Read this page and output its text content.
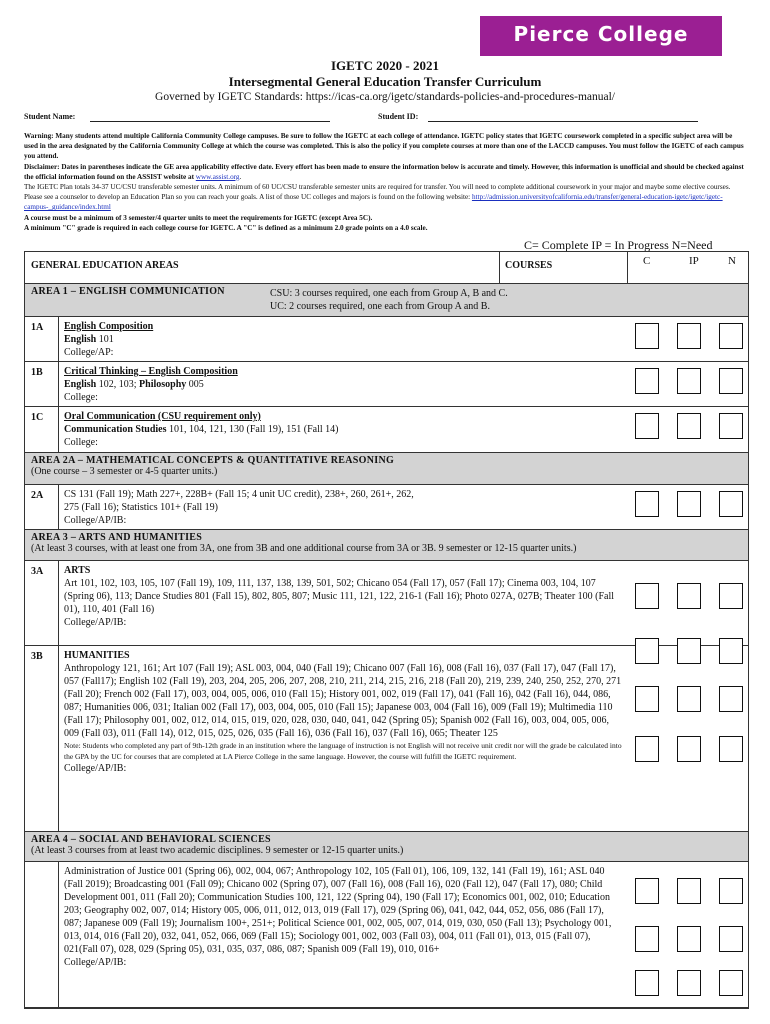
Pierce College
IGETC 2020 - 2021
Intersegmental General Education Transfer Curriculum
Governed by IGETC Standards: https://icas-ca.org/igetc/standards-policies-and-procedures-manual/
Student Name:	Student ID:

Warning: Many students attend multiple California Community College campuses. Be sure to follow the IGETC at each college of attendance. IGETC policy states that IGETC coursework completed in a specific subject area will be used in the area designated by the California Community College at which the course was completed. This is also the policy if you complete courses at more than one of the LACCD campuses. You must follow the IGETC of each campus you attend.

Disclaimer: Dates in parentheses indicate the GE area applicability effective date. Every effort has been made to ensure the information below is accurate and timely. However, this information is unofficial and should be checked against the official information found on the ASSIST website at www.assist.org.

The IGETC Plan totals 34-37 UC/CSU transferable semester units. A minimum of 60 UC/CSU transferable semester units are required for transfer. You will need to complete additional coursework in your major and maybe some elective courses. Please see a counselor to develop an Education Plan so you can reach your goals. A list of those UC colleges and majors is found on the following website: http://admission.universityofcalifornia.edu/transfer/general-education-igetc/igetc/igetc-campus-_guidance/index.html

A course must be a minimum of 3 semester/4 quarter units to meet the requirements for IGETC (except Area 5C).

A minimum "C" grade is required in each college course for IGETC. A "C" is defined as a minimum 2.0 grade points on a 4.0 scale.

C= Complete IP = In Progress N=Need
GENERAL EDUCATION AREAS	COURSES	C	IP	N
AREA 1 – ENGLISH COMMUNICATION	CSU: 3 courses required, one each from Group A, B and C.
UC: 2 courses required, one each from Group A and B.
1A English Composition
English 101
College/AP:
1B Critical Thinking – English Composition
English 102, 103; Philosophy 005
College:
1C Oral Communication (CSU requirement only)
Communication Studies 101, 104, 121, 130 (Fall 19), 151 (Fall 14)
College:
AREA 2A – MATHEMATICAL CONCEPTS & QUANTITATIVE REASONING
(One course – 3 semester or 4-5 quarter units.)
2A CS 131 (Fall 19); Math 227+, 228B+ (Fall 15; 4 unit UC credit), 238+, 260, 261+, 262,
275 (Fall 16); Statistics 101+ (Fall 19)
College/AP/IB:
AREA 3 – ARTS AND HUMANITIES
(At least 3 courses, with at least one from 3A, one from 3B and one additional course from 3A or 3B. 9 semester or 12-15 quarter units.)
3A ARTS
Art 101, 102, 103, 105, 107 (Fall 19), 109, 111, 137, 138, 139, 501, 502; Chicano 054 (Fall 17), 057 (Fall 17); Cinema 003, 104, 107 (Spring 06), 113; Dance Studies 801 (Fall 15), 802, 805, 807; Music 111, 121, 122, 216-1 (Fall 16); Photo 027A, 027B; Theater 100 (Fall 01), 110, 401 (Fall 16)
College/AP/IB:
3B HUMANITIES
Anthropology 121, 161; Art 107 (Fall 19); ASL 003, 004, 040 (Fall 19); Chicano 007 (Fall 16), 008 (Fall 16), 037 (Fall 17), 047 (Fall 17), 057 (Fall17); English 102 (Fall 19), 203, 204, 205, 206, 207, 208, 210, 211, 214, 215, 216, 218 (Fall 20), 219, 239, 240, 250, 252, 270, 271 (Fall 20); French 002 (Fall 17), 003, 004, 005, 006, 010 (Fall 15); History 001, 002, 019 (Fall 17), 041 (Fall 16), 042 (Fall 16), 044, 086, 087; Humanities 006, 031; Italian 002 (Fall 17), 003, 004, 005, 010 (Fall 15); Japanese 003, 004 (Fall 16), 009 (Fall 19); Multimedia 110 (Fall 17); Philosophy 001, 002, 012, 014, 015, 019, 020, 028, 030, 040, 041, 042 (Spring 05); Spanish 002 (Fall 16), 003, 004, 005, 006, 009 (Fall 03), 011 (Fall 14), 012, 015, 025, 026, 035 (Fall 16), 036 (Fall 16), 037 (Fall 16), 065; Theater 125
Note: Students who completed any part of 9th-12th grade in an institution where the language of instruction is not English will not receive unit credit nor will the grade be calculated into the GPA by the UC for courses that are completed at LA Pierce College in the same language. However, the course will fulfill the IGETC requirement.
College/AP/IB:
AREA 4 – SOCIAL AND BEHAVIORAL SCIENCES
(At least 3 courses from at least two academic disciplines. 9 semester or 12-15 quarter units.)
Administration of Justice 001 (Spring 06), 002, 004, 067; Anthropology 102, 105 (Fall 01), 106, 109, 132, 141 (Fall 19), 161; ASL 040 (Fall 2019); Broadcasting 001 (Fall 09); Chicano 002 (Spring 07), 007 (Fall 16), 008 (Fall 16), 020 (Fall 12), 047 (Fall 17), 080; Child Development 001, 011 (Fall 20); Communication Studies 100, 121, 122 (Spring 04), 190 (Fall 17); Economics 001, 002, 010; Education 203; Geography 002, 007, 014; History 005, 006, 011, 012, 013, 019 (Fall 17), 029 (Spring 06), 041, 042, 044, 052, 056, 086 (Fall 17), 087; Japanese 009 (Fall 19); Journalism 100+, 251+; Political Science 001, 002, 005, 007, 014, 019, 030, 050 (Fall 13); Psychology 001, 013, 014, 016 (Fall 20), 032, 041, 052, 066, 069 (Fall 15); Sociology 001, 002, 003 (Fall 03), 004, 011 (Fall 01), 013, 015 (Fall 07), 021(Fall 07), 028, 029 (Spring 05), 031, 035, 037, 086, 087; Spanish 009 (Fall 19), 010, 016+
College/AP/IB:
